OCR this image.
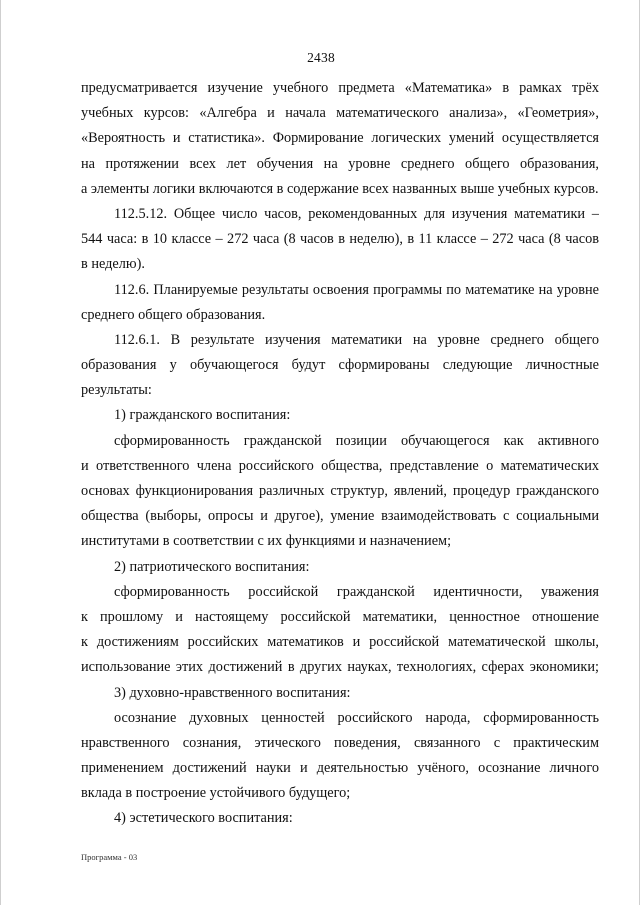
2438
предусматривается изучение учебного предмета «Математика» в рамках трёх
учебных курсов: «Алгебра и начала математического анализа», «Геометрия»,
«Вероятность и статистика». Формирование логических умений осуществляется
на протяжении всех лет обучения на уровне среднего общего образования,
а элементы логики включаются в содержание всех названных выше учебных курсов.
112.5.12. Общее число часов, рекомендованных для изучения математики –
544 часа: в 10 классе – 272 часа (8 часов в неделю), в 11 классе – 272 часа (8 часов
в неделю).
112.6. Планируемые результаты освоения программы по математике на уровне
среднего общего образования.
112.6.1. В результате изучения математики на уровне среднего общего
образования у обучающегося будут сформированы следующие личностные
результаты:
1) гражданского воспитания:
сформированность гражданской позиции обучающегося как активного
и ответственного члена российского общества, представление о математических
основах функционирования различных структур, явлений, процедур гражданского
общества (выборы, опросы и другое), умение взаимодействовать с социальными
институтами в соответствии с их функциями и назначением;
2) патриотического воспитания:
сформированность российской гражданской идентичности, уважения
к прошлому и настоящему российской математики, ценностное отношение
к достижениям российских математиков и российской математической школы,
использование этих достижений в других науках, технологиях, сферах экономики;
3) духовно-нравственного воспитания:
осознание духовных ценностей российского народа, сформированность
нравственного сознания, этического поведения, связанного с практическим
применением достижений науки и деятельностью учёного, осознание личного
вклада в построение устойчивого будущего;
4) эстетического воспитания:
Программа - 03
